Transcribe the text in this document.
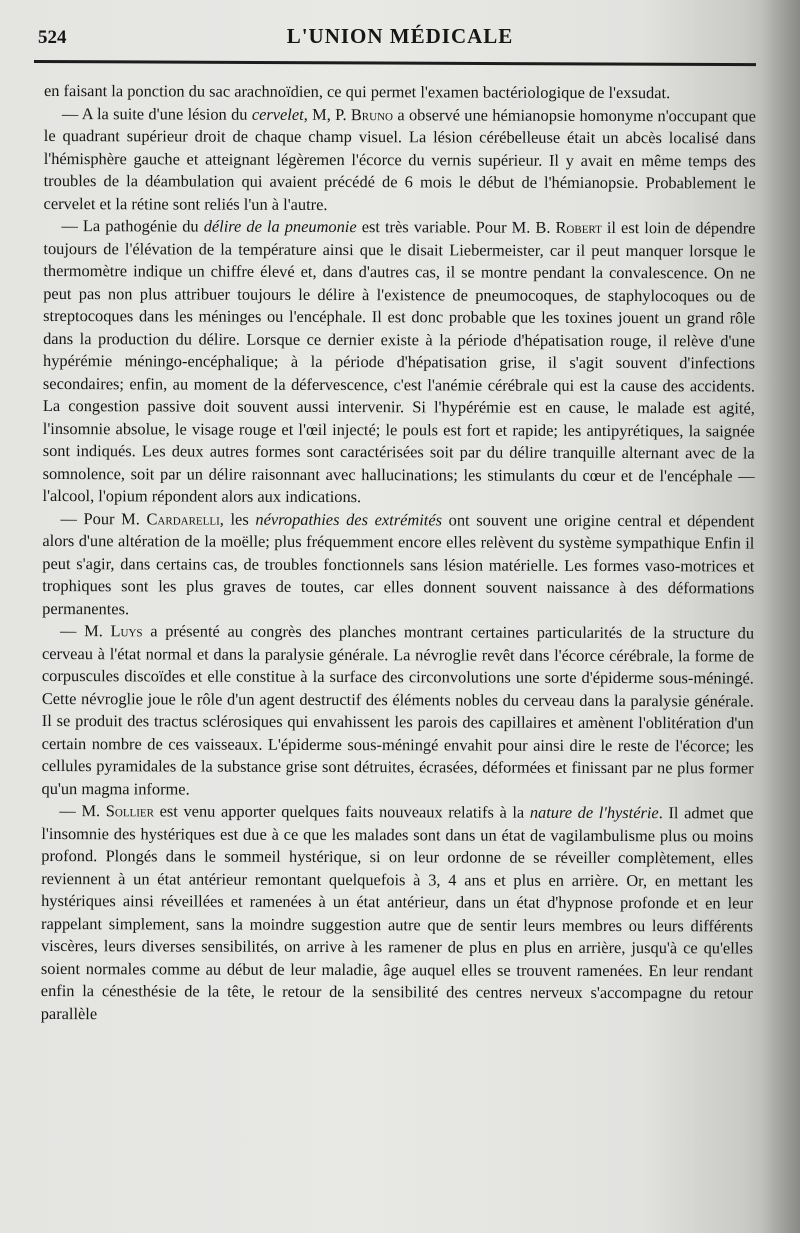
524	L'UNION MÉDICALE

en faisant la ponction du sac arachnoïdien, ce qui permet l'examen bactériologique de l'exsudat.

— A la suite d'une lésion du cervelet, M, P. Bruno a observé une hémianopsie homonyme n'occupant que le quadrant supérieur droit de chaque champ visuel. La lésion cérébelleuse était un abcès localisé dans l'hémisphère gauche et atteignant légèremen l'écorce du vernis supérieur. Il y avait en même temps des troubles de la déambulation qui avaient précédé de 6 mois le début de l'hémianopsie. Probablement le cervelet et la rétine sont reliés l'un à l'autre.

— La pathogénie du délire de la pneumonie est très variable. Pour M. B. Robert il est loin de dépendre toujours de l'élévation de la température ainsi que le disait Liebermeister, car il peut manquer lorsque le thermomètre indique un chiffre élevé et, dans d'autres cas, il se montre pendant la convalescence. On ne peut pas non plus attribuer toujours le délire à l'existence de pneumocoques, de staphylocoques ou de streptocoques dans les méninges ou l'encéphale. Il est donc probable que les toxines jouent un grand rôle dans la production du délire. Lorsque ce dernier existe à la période d'hépatisation rouge, il relève d'une hypérémie méningo-encéphalique; à la période d'hépatisation grise, il s'agit souvent d'infections secondaires; enfin, au moment de la défervescence, c'est l'anémie cérébrale qui est la cause des accidents. La congestion passive doit souvent aussi intervenir. Si l'hypérémie est en cause, le malade est agité, l'insomnie absolue, le visage rouge et l'œil injecté; le pouls est fort et rapide; les antipyrétiques, la saignée sont indiqués. Les deux autres formes sont caractérisées soit par du délire tranquille alternant avec de la somnolence, soit par un délire raisonnant avec hallucinations; les stimulants du cœur et de l'encéphale — l'alcool, l'opium répondent alors aux indications.

— Pour M. Cardarelli, les névropathies des extrémités ont souvent une origine central et dépendent alors d'une altération de la moëlle; plus fréquemment encore elles relèvent du système sympathique Enfin il peut s'agir, dans certains cas, de troubles fonctionnels sans lésion matérielle. Les formes vaso-motrices et trophiques sont les plus graves de toutes, car elles donnent souvent naissance à des déformations permanentes.

— M. Luys a présenté au congrès des planches montrant certaines particularités de la structure du cerveau à l'état normal et dans la paralysie générale. La névroglie revêt dans l'écorce cérébrale, la forme de corpuscules discoïdes et elle constitue à la surface des circonvolutions une sorte d'épiderme sous-méningé. Cette névroglie joue le rôle d'un agent destructif des éléments nobles du cerveau dans la paralysie générale. Il se produit des tractus sclérosiques qui envahissent les parois des capillaires et amènent l'oblitération d'un certain nombre de ces vaisseaux. L'épiderme sous-méningé envahit pour ainsi dire le reste de l'écorce; les cellules pyramidales de la substance grise sont détruites, écrasées, déformées et finissant par ne plus former qu'un magma informe.

— M. Sollier est venu apporter quelques faits nouveaux relatifs à la nature de l'hystérie. Il admet que l'insomnie des hystériques est due à ce que les malades sont dans un état de vagilambulisme plus ou moins profond. Plongés dans le sommeil hystérique, si on leur ordonne de se réveiller complètement, elles reviennent à un état antérieur remontant quelquefois à 3, 4 ans et plus en arrière. Or, en mettant les hystériques ainsi réveillées et ramenées à un état antérieur, dans un état d'hypnose profonde et en leur rappelant simplement, sans la moindre suggestion autre que de sentir leurs membres ou leurs différents viscères, leurs diverses sensibilités, on arrive à les ramener de plus en plus en arrière, jusqu'à ce qu'elles soient normales comme au début de leur maladie, âge auquel elles se trouvent ramenées. En leur rendant enfin la cénesthésie de la tête, le retour de la sensibilité des centres nerveux s'accompagne du retour parallèle
